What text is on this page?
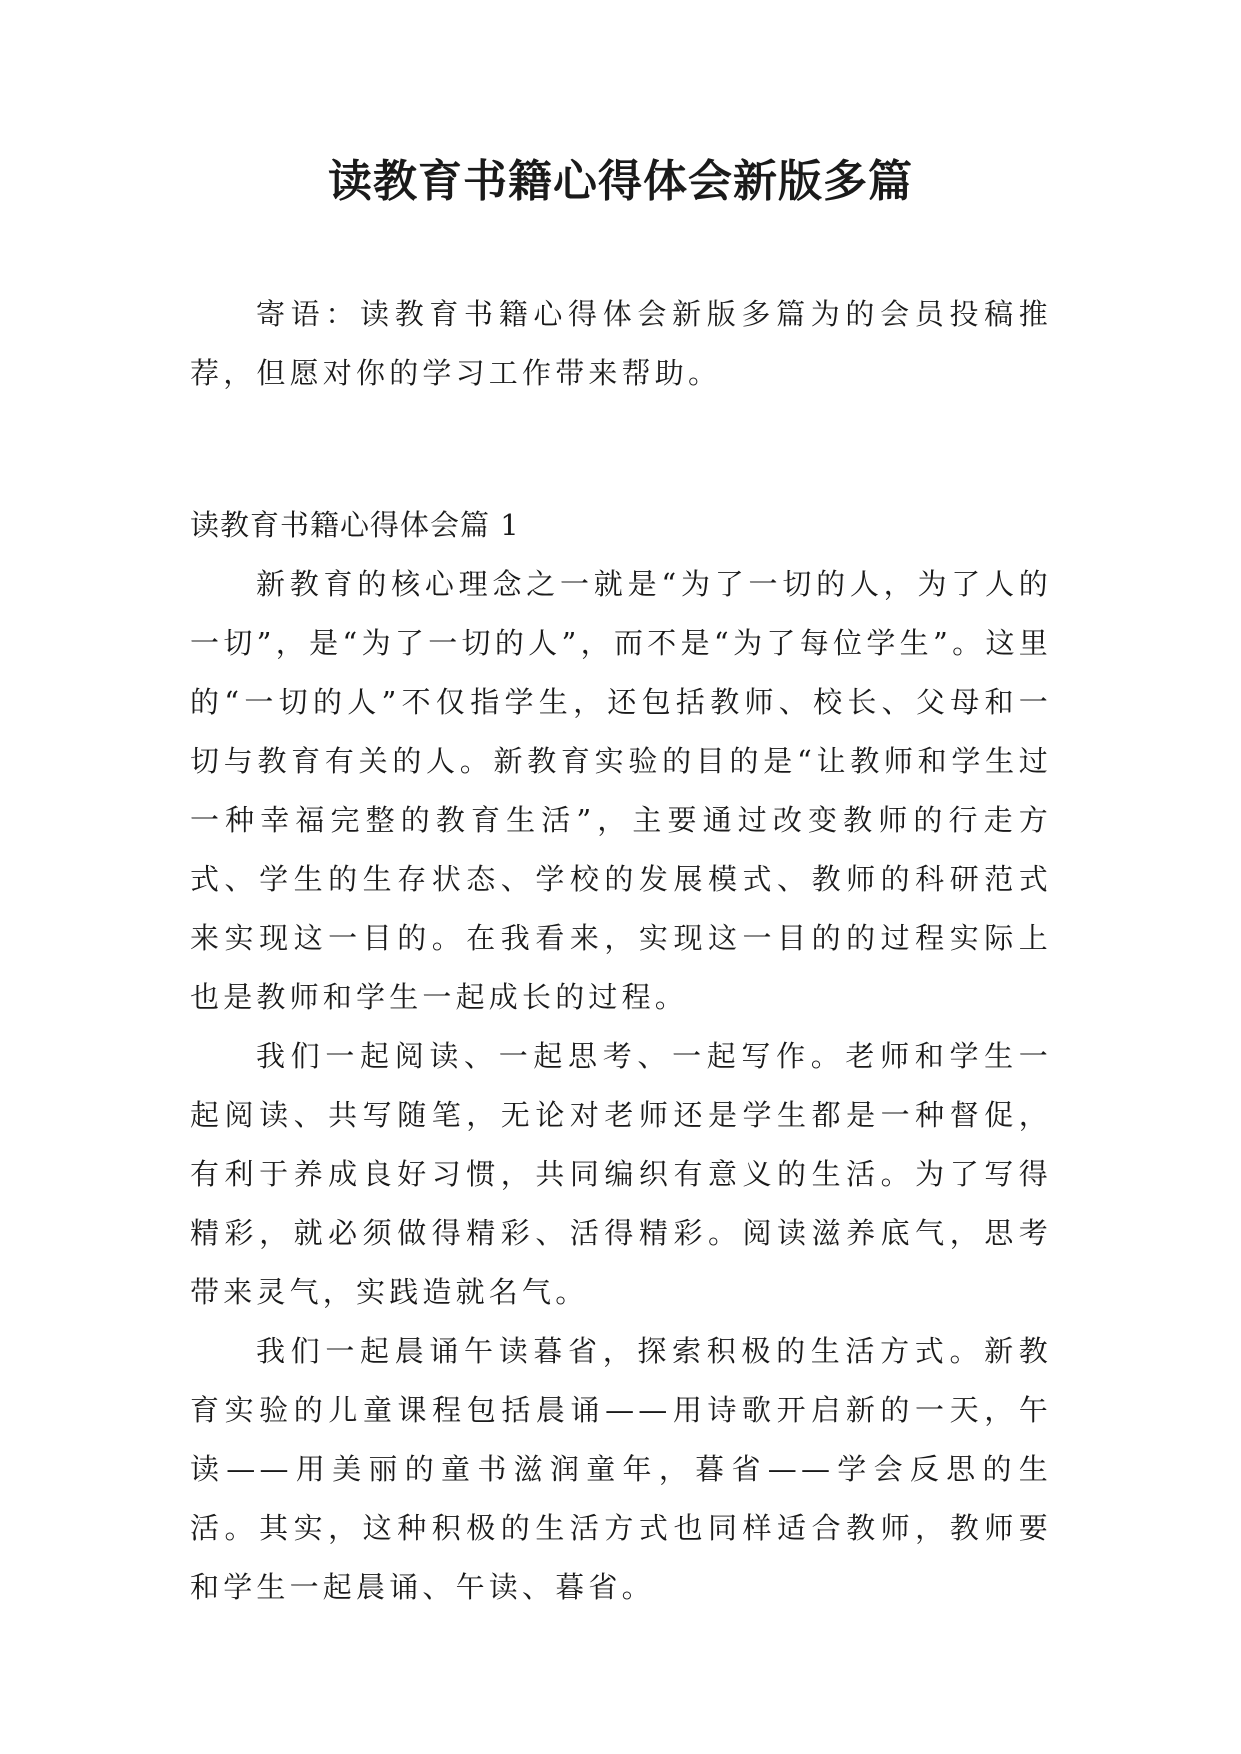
读教育书籍心得体会新版多篇

寄语：读教育书籍心得体会新版多篇为的会员投稿推荐，但愿对你的学习工作带来帮助。

读教育书籍心得体会篇 1

新教育的核心理念之一就是“为了一切的人，为了人的一切”，是“为了一切的人”，而不是“为了每位学生”。这里的“一切的人”不仅指学生，还包括教师、校长、父母和一切与教育有关的人。新教育实验的目的是“让教师和学生过一种幸福完整的教育生活”，主要通过改变教师的行走方式、学生的生存状态、学校的发展模式、教师的科研范式来实现这一目的。在我看来，实现这一目的的过程实际上也是教师和学生一起成长的过程。

我们一起阅读、一起思考、一起写作。老师和学生一起阅读、共写随笔，无论对老师还是学生都是一种督促，有利于养成良好习惯，共同编织有意义的生活。为了写得精彩，就必须做得精彩、活得精彩。阅读滋养底气，思考带来灵气，实践造就名气。

我们一起晨诵午读暮省，探索积极的生活方式。新教育实验的儿童课程包括晨诵——用诗歌开启新的一天，午读——用美丽的童书滋润童年，暮省——学会反思的生活。其实，这种积极的生活方式也同样适合教师，教师要和学生一起晨诵、午读、暮省。
